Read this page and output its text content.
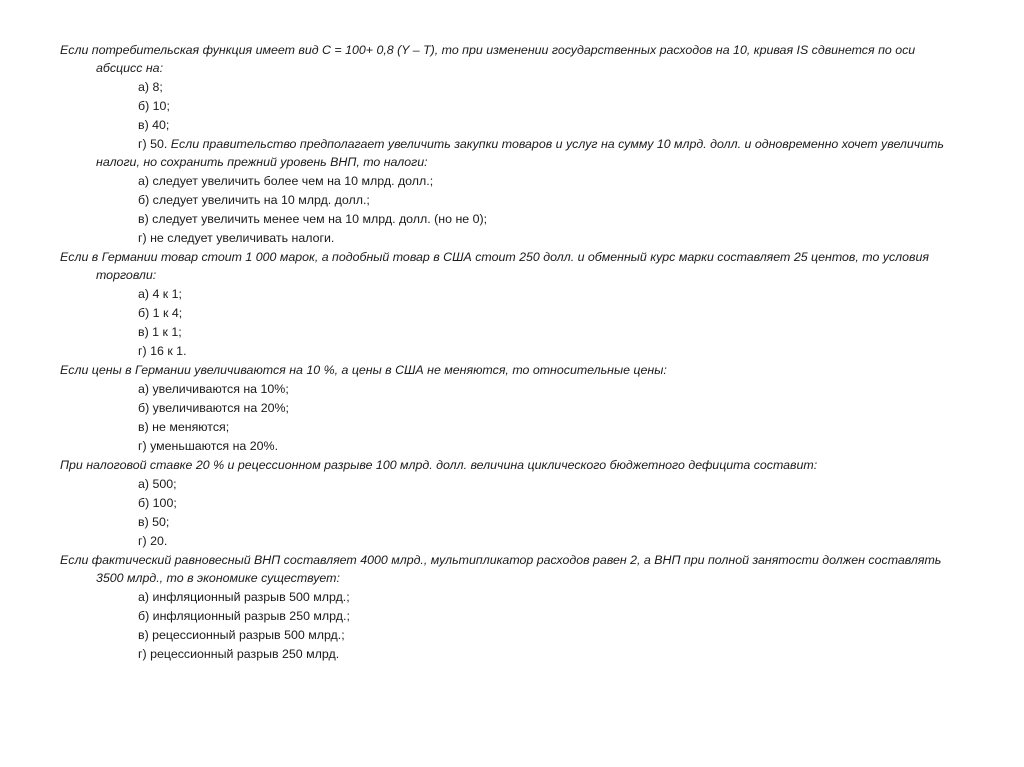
Если потребительская функция имеет вид C = 100+ 0,8 (Y – T), то при изменении государственных расходов на 10, кривая IS сдвинется по оси абсцисс на:

а) 8;

б) 10;

в) 40;

г) 50. Если правительство предполагает увеличить закупки товаров и услуг на сумму 10 млрд. долл. и одновременно хочет увеличить налоги, но сохранить прежний уровень ВНП, то налоги:

а) следует увеличить более чем на 10 млрд. долл.;

б) следует увеличить на 10 млрд. долл.;

в) следует увеличить менее чем на 10 млрд. долл. (но не 0);

г) не следует увеличивать налоги.

Если в Германии товар стоит 1 000 марок, а подобный товар в США стоит 250 долл. и обменный курс марки составляет 25 центов, то условия торговли:

а) 4 к 1;

б) 1 к 4;

в) 1 к 1;

г) 16 к 1.

Если цены в Германии увеличиваются на 10 %, а цены в США не меняются, то относительные цены:

а) увеличиваются на 10%;

б) увеличиваются на 20%;

в) не меняются;

г) уменьшаются на 20%.

При налоговой ставке 20 % и рецессионном разрыве 100 млрд. долл. величина циклического бюджетного дефицита составит:

а) 500;

б) 100;

в) 50;

г) 20.

Если фактический равновесный ВНП составляет 4000 млрд., мультипликатор расходов равен 2, а ВНП при полной занятости должен составлять 3500 млрд., то в экономике существует:

а) инфляционный разрыв 500 млрд.;

б) инфляционный разрыв 250 млрд.;

в) рецессионный разрыв 500 млрд.;

г) рецессионный разрыв 250 млрд.
